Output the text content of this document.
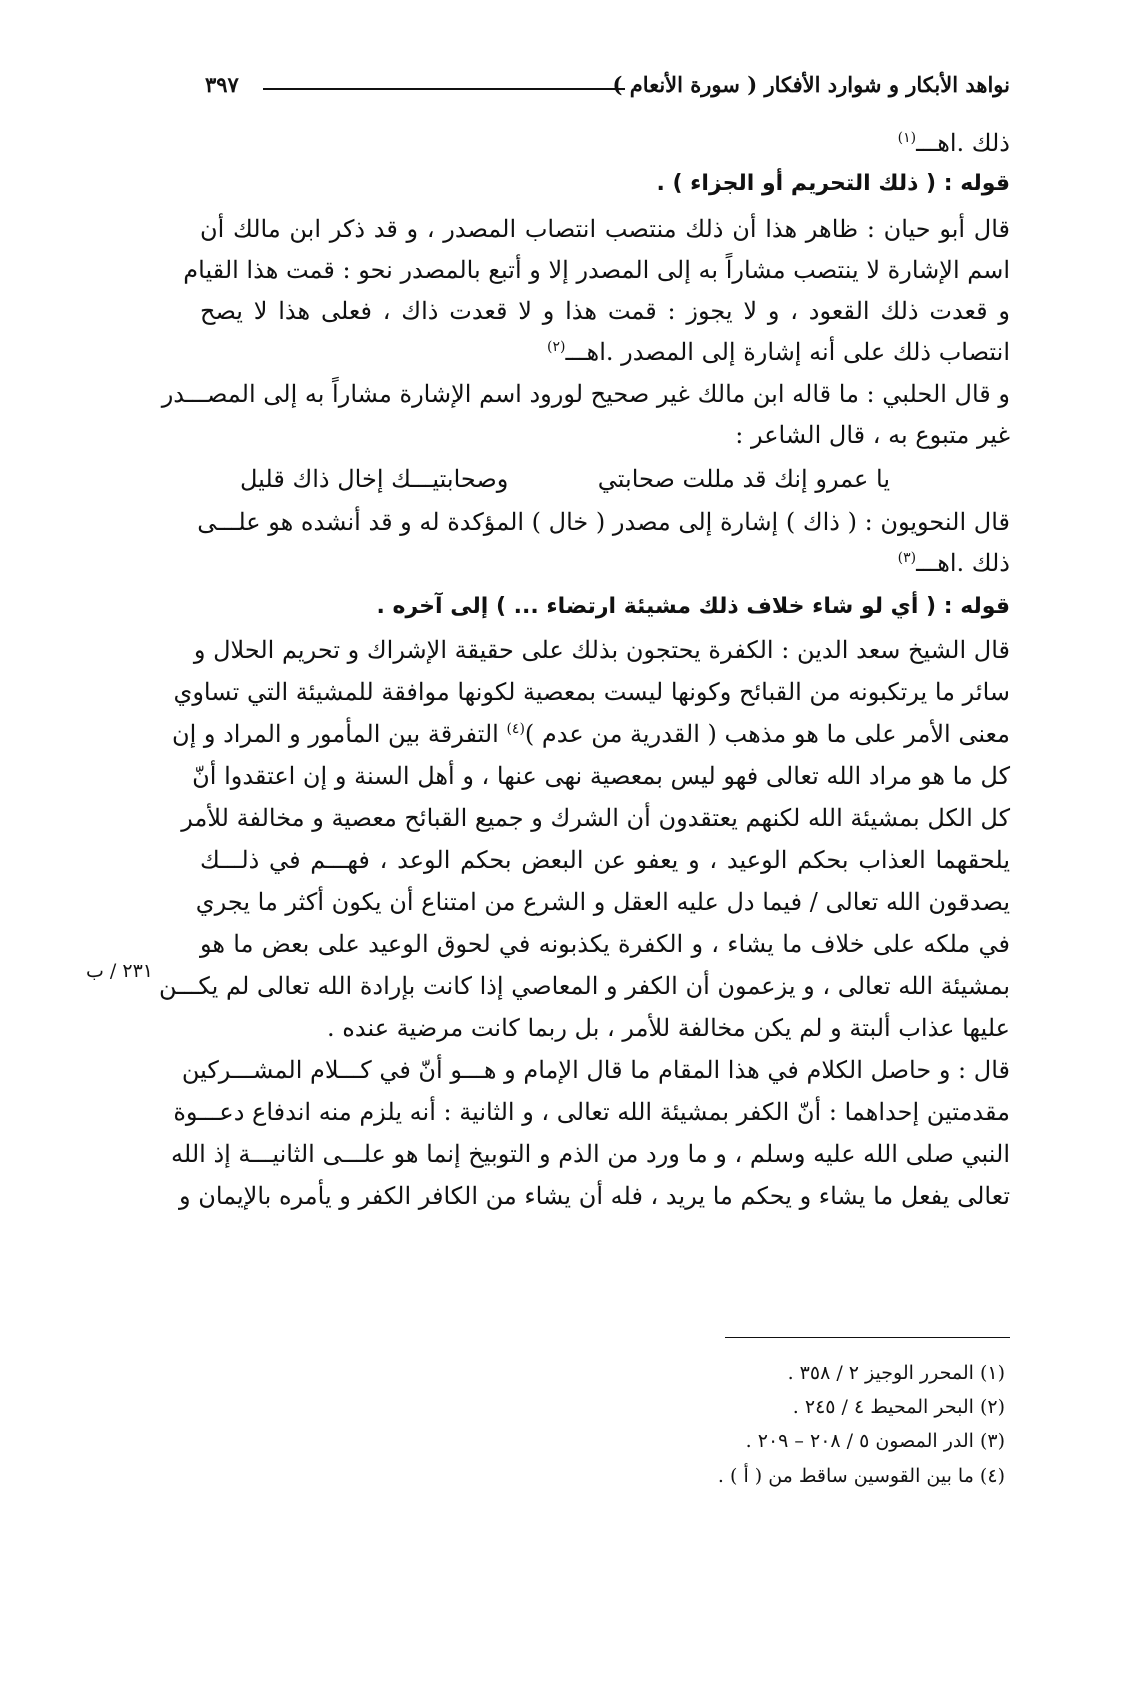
نواهد الأبكار و شوارد الأفكار ( سورة الأنعام )
٣٩٧
ذلك .اهـــ$^{(١)}$
قوله : ( ذلك التحريم أو الجزاء ) .
قال أبو حيان : ظاهر هذا أن ذلك منتصب انتصاب المصدر ، و قد ذكر ابن مالك أن
اسم الإشارة لا ينتصب مشاراً به إلى المصدر إلا و أتبع بالمصدر نحو : قمت هذا القيام
و قعدت ذلك القعود ، و لا يجوز : قمت هذا و لا قعدت ذاك ، فعلى هذا لا يصح
انتصاب ذلك على أنه إشارة إلى المصدر .اهـــ$^{(٢)}$
و قال الحلبي : ما قاله ابن مالك غير صحيح لورود اسم الإشارة مشاراً به إلى المصـــدر
غير متبوع به ، قال الشاعر :
يا عمرو إنك قد مللت صحابتي
وصحابتيـــك إخال ذاك قليل
قال النحويون : ( ذاك ) إشارة إلى مصدر ( خال ) المؤكدة له و قد أنشده هو علـــى
ذلك .اهـــ$^{(٣)}$
قوله : ( أي لو شاء خلاف ذلك مشيئة ارتضاء ... ) إلى آخره .
قال الشيخ سعد الدين : الكفرة يحتجون بذلك على حقيقة الإشراك و تحريم الحلال و
سائر ما يرتكبونه من القبائح وكونها ليست بمعصية لكونها موافقة للمشيئة التي تساوي
معنى الأمر على ما هو مذهب ( القدرية من عدم )$^{(٤)}$ التفرقة بين المأمور و المراد و إن
كل ما هو مراد الله تعالى فهو ليس بمعصية نهى عنها ، و أهل السنة و إن اعتقدوا أنّ
كل الكل بمشيئة الله لكنهم يعتقدون أن الشرك و جميع القبائح معصية و مخالفة للأمر
يلحقهما العذاب بحكم الوعيد ، و يعفو عن البعض بحكم الوعد ، فهـــم في ذلـــك
يصدقون الله تعالى / فيما دل عليه العقل و الشرع من امتناع أن يكون أكثر ما يجري
في ملكه على خلاف ما يشاء ، و الكفرة يكذبونه في لحوق الوعيد على بعض ما هو
بمشيئة الله تعالى ، و يزعمون أن الكفر و المعاصي إذا كانت بإرادة الله تعالى لم يكـــن
عليها عذاب ألبتة و لم يكن مخالفة للأمر ، بل ربما كانت مرضية عنده .
قال : و حاصل الكلام في هذا المقام ما قال الإمام و هـــو أنّ في كـــلام المشـــركين
مقدمتين إحداهما : أنّ الكفر بمشيئة الله تعالى ، و الثانية : أنه يلزم منه اندفاع دعـــوة
النبي صلى الله عليه وسلم ، و ما ورد من الذم و التوبيخ إنما هو علـــى الثانيـــة إذ الله
تعالى يفعل ما يشاء و يحكم ما يريد ، فله أن يشاء من الكافر الكفر و يأمره بالإيمان و
٢٣١ / ب
(١) المحرر الوجيز ٢ / ٣٥٨ .
(٢) البحر المحيط ٤ / ٢٤٥ .
(٣) الدر المصون ٥ / ٢٠٨ – ٢٠٩ .
(٤) ما بين القوسين ساقط من ( أ ) .
